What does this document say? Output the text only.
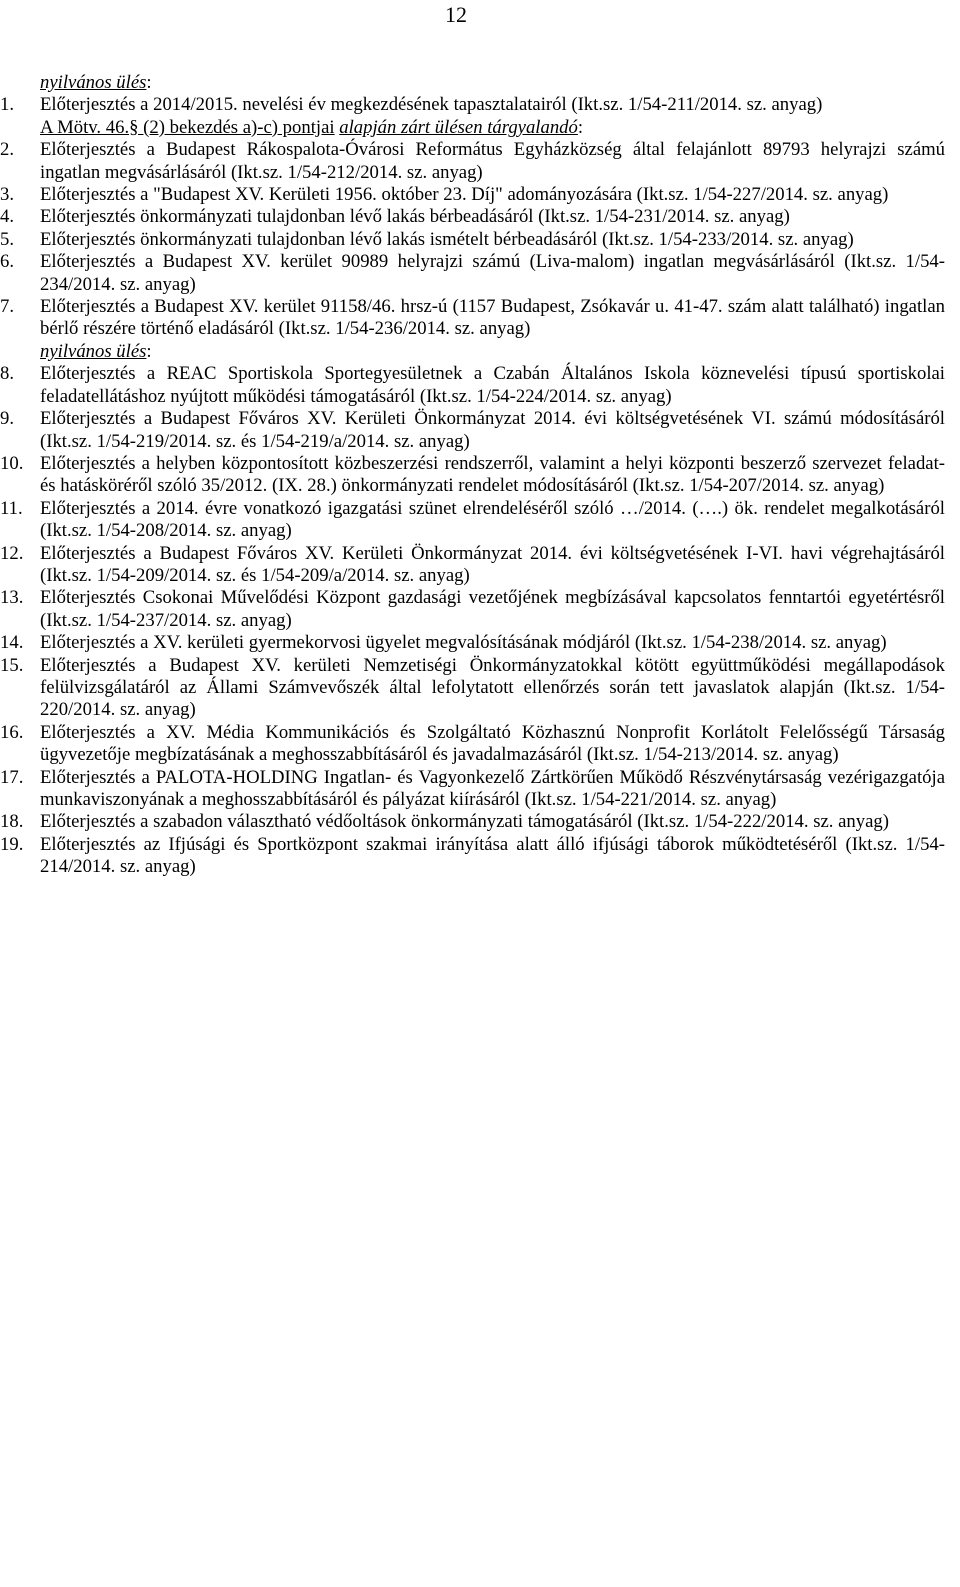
12
nyilvános ülés:
1.	Előterjesztés a 2014/2015. nevelési év megkezdésének tapasztalatairól (Ikt.sz. 1/54-211/2014. sz. anyag)
A Mötv. 46.§ (2) bekezdés a)-c) pontjai alapján zárt ülésen tárgyalandó:
2.	Előterjesztés a Budapest Rákospalota-Óvárosi Református Egyházközség által felajánlott 89793 helyrajzi számú ingatlan megvásárlásáról (Ikt.sz. 1/54-212/2014. sz. anyag)
3.	Előterjesztés a "Budapest XV. Kerületi 1956. október 23. Díj" adományozására (Ikt.sz. 1/54-227/2014. sz. anyag)
4.	Előterjesztés önkormányzati tulajdonban lévő lakás bérbeadásáról (Ikt.sz. 1/54-231/2014. sz. anyag)
5.	Előterjesztés önkormányzati tulajdonban lévő lakás ismételt bérbeadásáról (Ikt.sz. 1/54-233/2014. sz. anyag)
6.	Előterjesztés a Budapest XV. kerület 90989 helyrajzi számú (Liva-malom) ingatlan megvásárlásáról (Ikt.sz. 1/54-234/2014. sz. anyag)
7.	Előterjesztés a Budapest XV. kerület 91158/46. hrsz-ú (1157 Budapest, Zsókavár u. 41-47. szám alatt található) ingatlan bérlő részére történő eladásáról (Ikt.sz. 1/54-236/2014. sz. anyag)
nyilvános ülés:
8.	Előterjesztés a REAC Sportiskola Sportegyesületnek a Czabán Általános Iskola köznevelési típusú sportiskolai feladatellátáshoz nyújtott működési támogatásáról (Ikt.sz. 1/54-224/2014. sz. anyag)
9.	Előterjesztés a Budapest Főváros XV. Kerületi Önkormányzat 2014. évi költségvetésének VI. számú módosításáról (Ikt.sz. 1/54-219/2014. sz. és 1/54-219/a/2014. sz. anyag)
10. Előterjesztés a helyben központosított közbeszerzési rendszerről, valamint a helyi központi beszerző szervezet feladat- és hatásköréről szóló 35/2012. (IX. 28.) önkormányzati rendelet módosításáról (Ikt.sz. 1/54-207/2014. sz. anyag)
11. Előterjesztés a 2014. évre vonatkozó igazgatási szünet elrendeléséről szóló …/2014. (….) ök. rendelet megalkotásáról (Ikt.sz. 1/54-208/2014. sz. anyag)
12. Előterjesztés a Budapest Főváros XV. Kerületi Önkormányzat 2014. évi költségvetésének I-VI. havi végrehajtásáról (Ikt.sz. 1/54-209/2014. sz. és 1/54-209/a/2014. sz. anyag)
13. Előterjesztés Csokonai Művelődési Központ gazdasági vezetőjének megbízásával kapcsolatos fenntartói egyetértésről (Ikt.sz. 1/54-237/2014. sz. anyag)
14. Előterjesztés a XV. kerületi gyermekorvosi ügyelet megvalósításának módjáról (Ikt.sz. 1/54-238/2014. sz. anyag)
15. Előterjesztés a Budapest XV. kerületi Nemzetiségi Önkormányzatokkal kötött együttműködési megállapodások felülvizsgálatáról az Állami Számvevőszék által lefolytatott ellenőrzés során tett javaslatok alapján (Ikt.sz. 1/54-220/2014. sz. anyag)
16. Előterjesztés a XV. Média Kommunikációs és Szolgáltató Közhasznú Nonprofit Korlátolt Felelősségű Társaság ügyvezetője megbízatásának a meghosszabbításáról és javadalmazásáról (Ikt.sz. 1/54-213/2014. sz. anyag)
17. Előterjesztés a PALOTA-HOLDING Ingatlan- és Vagyonkezelő Zártkörűen Működő Részvénytársaság vezérigazgatója munkaviszonyának a meghosszabbításáról és pályázat kiírásáról (Ikt.sz. 1/54-221/2014. sz. anyag)
18. Előterjesztés a szabadon választható védőoltások önkormányzati támogatásáról (Ikt.sz. 1/54-222/2014. sz. anyag)
19. Előterjesztés az Ifjúsági és Sportközpont szakmai irányítása alatt álló ifjúsági táborok működtetéséről (Ikt.sz. 1/54-214/2014. sz. anyag)
